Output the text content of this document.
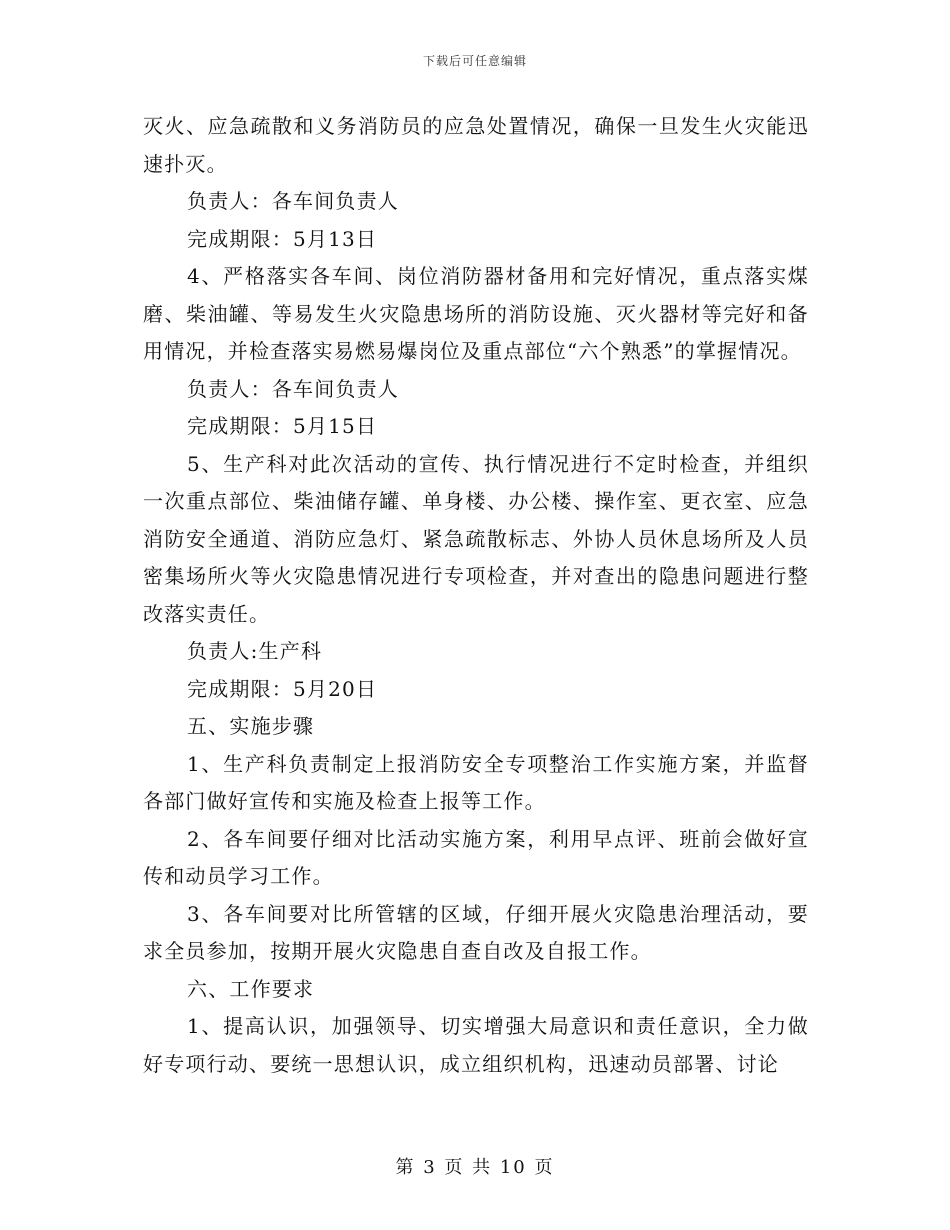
下载后可任意编辑

灭火、应急疏散和义务消防员的应急处置情况，确保一旦发生火灾能迅速扑灭。

负责人：各车间负责人

完成期限：5月13日

4、严格落实各车间、岗位消防器材备用和完好情况，重点落实煤磨、柴油罐、等易发生火灾隐患场所的消防设施、灭火器材等完好和备用情况，并检查落实易燃易爆岗位及重点部位“六个熟悉”的掌握情况。

负责人：各车间负责人

完成期限：5月15日

5、生产科对此次活动的宣传、执行情况进行不定时检查，并组织一次重点部位、柴油储存罐、单身楼、办公楼、操作室、更衣室、应急消防安全通道、消防应急灯、紧急疏散标志、外协人员休息场所及人员密集场所火等火灾隐患情况进行专项检查，并对查出的隐患问题进行整改落实责任。

负责人:生产科

完成期限：5月20日

五、实施步骤

1、生产科负责制定上报消防安全专项整治工作实施方案，并监督各部门做好宣传和实施及检查上报等工作。

2、各车间要仔细对比活动实施方案，利用早点评、班前会做好宣传和动员学习工作。

3、各车间要对比所管辖的区域，仔细开展火灾隐患治理活动，要求全员参加，按期开展火灾隐患自查自改及自报工作。

六、工作要求

1、提高认识，加强领导、切实增强大局意识和责任意识，全力做好专项行动、要统一思想认识，成立组织机构，迅速动员部署、讨论

第 3 页 共 10 页
